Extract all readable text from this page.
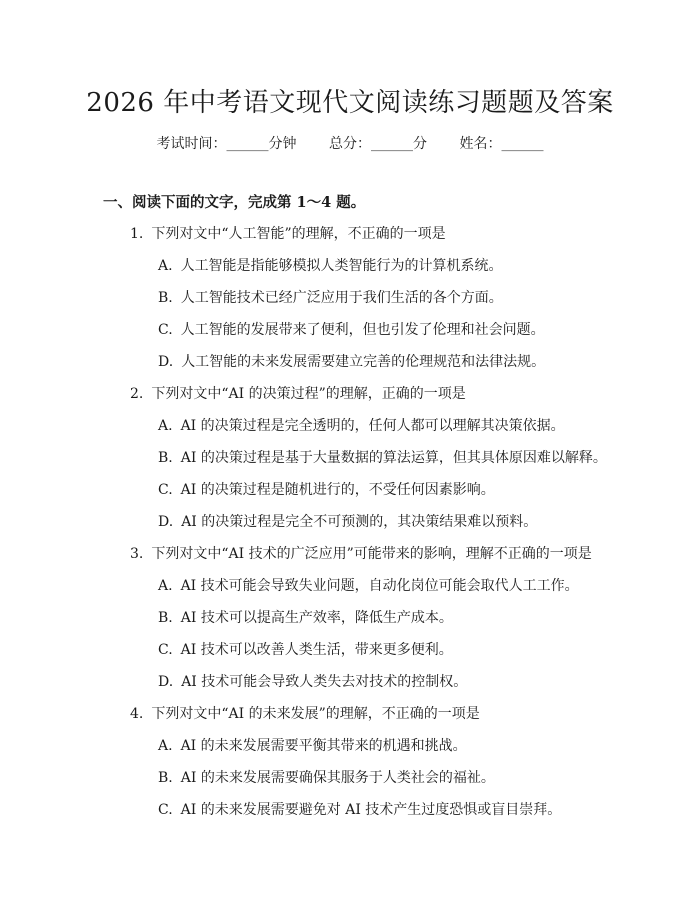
2026 年中考语文现代文阅读练习题题及答案
考试时间：______分钟 总分：______分 姓名：______
一、阅读下面的文字，完成第 1～4 题。
1. 下列对文中“人工智能”的理解，不正确的一项是
A. 人工智能是指能够模拟人类智能行为的计算机系统。
B. 人工智能技术已经广泛应用于我们生活的各个方面。
C. 人工智能的发展带来了便利，但也引发了伦理和社会问题。
D. 人工智能的未来发展需要建立完善的伦理规范和法律法规。
2. 下列对文中“AI 的决策过程”的理解，正确的一项是
A. AI 的决策过程是完全透明的，任何人都可以理解其决策依据。
B. AI 的决策过程是基于大量数据的算法运算，但其具体原因难以解释。
C. AI 的决策过程是随机进行的，不受任何因素影响。
D. AI 的决策过程是完全不可预测的，其决策结果难以预料。
3. 下列对文中“AI 技术的广泛应用”可能带来的影响，理解不正确的一项是
A. AI 技术可能会导致失业问题，自动化岗位可能会取代人工工作。
B. AI 技术可以提高生产效率，降低生产成本。
C. AI 技术可以改善人类生活，带来更多便利。
D. AI 技术可能会导致人类失去对技术的控制权。
4. 下列对文中“AI 的未来发展”的理解，不正确的一项是
A. AI 的未来发展需要平衡其带来的机遇和挑战。
B. AI 的未来发展需要确保其服务于人类社会的福祉。
C. AI 的未来发展需要避免对 AI 技术产生过度恐惧或盲目崇拜。
